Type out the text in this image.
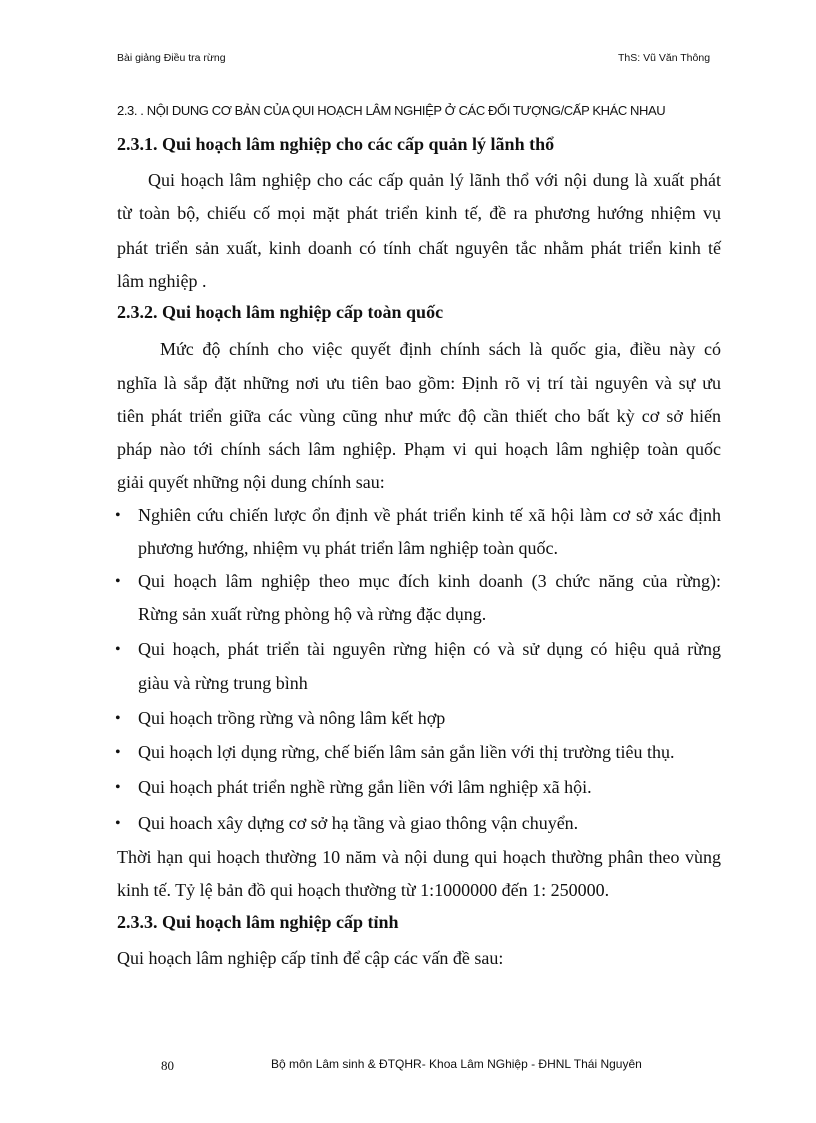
Bài giảng Điều tra rừng	ThS: Vũ Văn Thông
2.3. . NỘI DUNG CƠ BẢN CỦA QUI HOẠCH LÂM NGHIỆP Ở CÁC ĐỐI TƯỢNG/CẤP KHÁC NHAU
2.3.1. Qui hoạch lâm nghiệp cho các cấp quản lý lãnh thổ
Qui hoạch lâm nghiệp cho các cấp quản lý lãnh thổ với nội dung là xuất phát
từ toàn bộ, chiếu cố mọi mặt phát triển kinh tế, đề ra phương hướng nhiệm vụ
phát triển sản xuất, kinh doanh có tính chất nguyên tắc nhằm phát triển kinh tế
lâm nghiệp .
2.3.2. Qui hoạch lâm nghiệp cấp toàn quốc
Mức độ chính cho việc quyết định chính sách là quốc gia, điều này có
nghĩa là sắp đặt những nơi ưu tiên bao gồm: Định rõ vị trí tài nguyên và sự ưu
tiên phát triển giữa các vùng cũng như mức độ cần thiết cho bất kỳ cơ sở hiến
pháp nào tới chính sách lâm nghiệp. Phạm vi qui hoạch lâm nghiệp toàn quốc
giải quyết những nội dung chính sau:
• Nghiên cứu chiến lược ổn định về phát triển kinh tế xã hội làm cơ sở xác định
phương hướng, nhiệm vụ phát triển lâm nghiệp toàn quốc.
• Qui hoạch lâm nghiệp theo mục đích kinh doanh (3 chức năng của rừng):
Rừng sản xuất rừng phòng hộ và rừng đặc dụng.
• Qui hoạch, phát triển tài nguyên rừng hiện có và sử dụng có hiệu quả rừng
giàu và rừng trung bình
• Qui hoạch trồng rừng và nông lâm kết hợp
• Qui hoạch lợi dụng rừng, chế biến lâm sản gắn liền với thị trường tiêu thụ.
• Qui hoạch phát triển nghề rừng gắn liền với lâm nghiệp xã hội.
• Qui hoach xây dựng cơ sở hạ tầng và giao thông vận chuyển.
Thời hạn qui hoạch thường 10 năm và nội dung qui hoạch thường phân theo vùng
kinh tế. Tỷ lệ bản đồ qui hoạch thường từ 1:1000000 đến 1: 250000.
2.3.3. Qui hoạch lâm nghiệp cấp tỉnh
Qui hoạch lâm nghiệp cấp tỉnh để cập các vấn đề sau:
80	Bộ môn Lâm sinh & ĐTQHR- Khoa Lâm NGhiệp - ĐHNL Thái Nguyên
